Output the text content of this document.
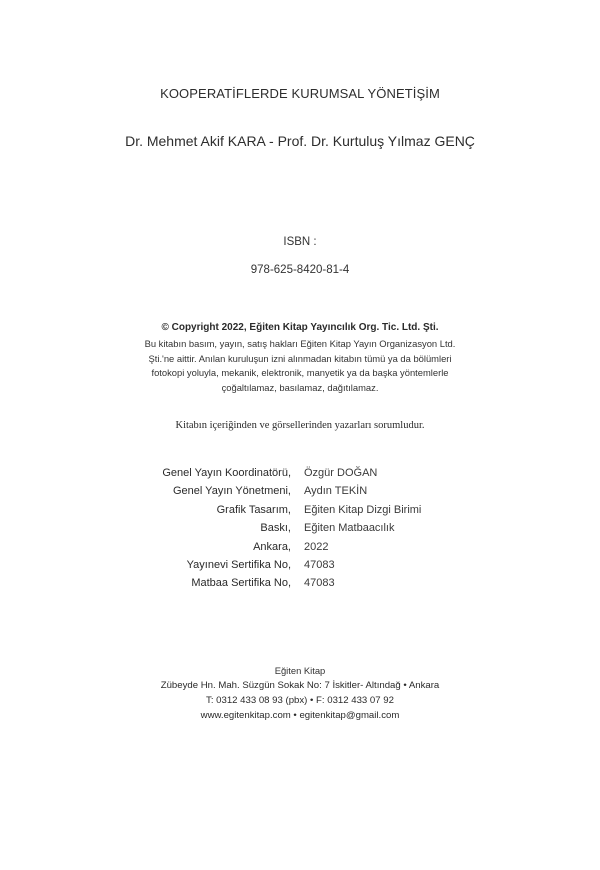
KOOPERATİFLERDE KURUMSAL YÖNETİŞİM
Dr. Mehmet Akif KARA - Prof. Dr. Kurtuluş Yılmaz GENÇ
ISBN :
978-625-8420-81-4
© Copyright 2022, Eğiten Kitap Yayıncılık Org. Tic. Ltd. Şti.
Bu kitabın basım, yayın, satış hakları Eğiten Kitap Yayın Organizasyon Ltd.
Şti.'ne aittir. Anılan kuruluşun izni alınmadan kitabın tümü ya da bölümleri
fotokopi yoluyla, mekanik, elektronik, manyetik ya da başka yöntemlerle
çoğaltılamaz, basılamaz, dağıtılamaz.
Kitabın içeriğinden ve görsellerinden yazarları sorumludur.
Genel Yayın Koordinatörü, Özgür DOĞAN
Genel Yayın Yönetmeni, Aydın TEKİN
Grafik Tasarım, Eğiten Kitap Dizgi Birimi
Baskı, Eğiten Matbaacılık
Ankara, 2022
Yayınevi Sertifika No, 47083
Matbaa Sertifika No, 47083
Eğiten Kitap
Zübeyde Hn. Mah. Süzgün Sokak No: 7 İskitler- Altındağ • Ankara
T: 0312 433 08 93 (pbx) • F: 0312 433 07 92
www.egitenkitap.com • egitenkitap@gmail.com
